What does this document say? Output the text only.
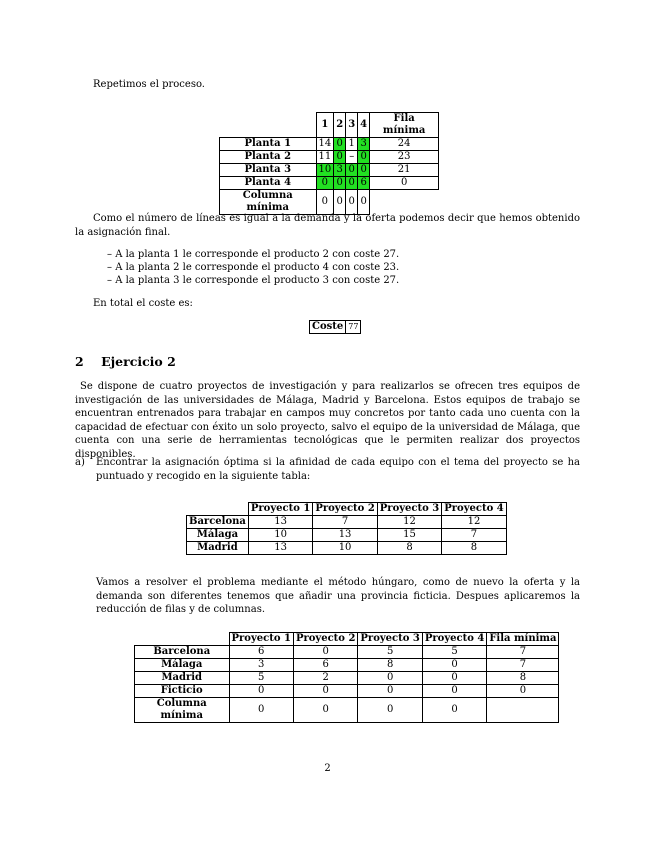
Repetimos el proceso.

	1	2	3	4	Fila mínima
Planta 1	14	0	1	3	24
Planta 2	11	0	–	0	23
Planta 3	10	3	0	0	21
Planta 4	0	0	0	6	0
Columna mínima	0	0	0	0	

Como el número de líneas es igual a la demanda y la oferta podemos decir que hemos obtenido la asignación final.

– A la planta 1 le corresponde el producto 2 con coste 27.
– A la planta 2 le corresponde el producto 4 con coste 23.
– A la planta 3 le corresponde el producto 3 con coste 27.

En total el coste es:

Coste	77
2 Ejercicio 2

Se dispone de cuatro proyectos de investigación y para realizarlos se ofrecen tres equipos de investigación de las universidades de Málaga, Madrid y Barcelona. Estos equipos de trabajo se encuentran entrenados para trabajar en campos muy concretos por tanto cada uno cuenta con la capacidad de efectuar con éxito un solo proyecto, salvo el equipo de la universidad de Málaga, que cuenta con una serie de herramientas tecnológicas que le permiten realizar dos proyectos disponibles.

a) Encontrar la asignación óptima si la afinidad de cada equipo con el tema del proyecto se ha puntuado y recogido en la siguiente tabla:

	Proyecto 1	Proyecto 2	Proyecto 3	Proyecto 4
Barcelona	13	7	12	12
Málaga	10	13	15	7
Madrid	13	10	8	8

Vamos a resolver el problema mediante el método húngaro, como de nuevo la oferta y la demanda son diferentes tenemos que añadir una provincia ficticia. Despues aplicaremos la reducción de filas y de columnas.

	Proyecto 1	Proyecto 2	Proyecto 3	Proyecto 4	Fila mínima
Barcelona	6	0	5	5	7
Málaga	3	6	8	0	7
Madrid	5	2	0	0	8
Ficticio	0	0	0	0	0
Columna mínima	0	0	0	0	
2
